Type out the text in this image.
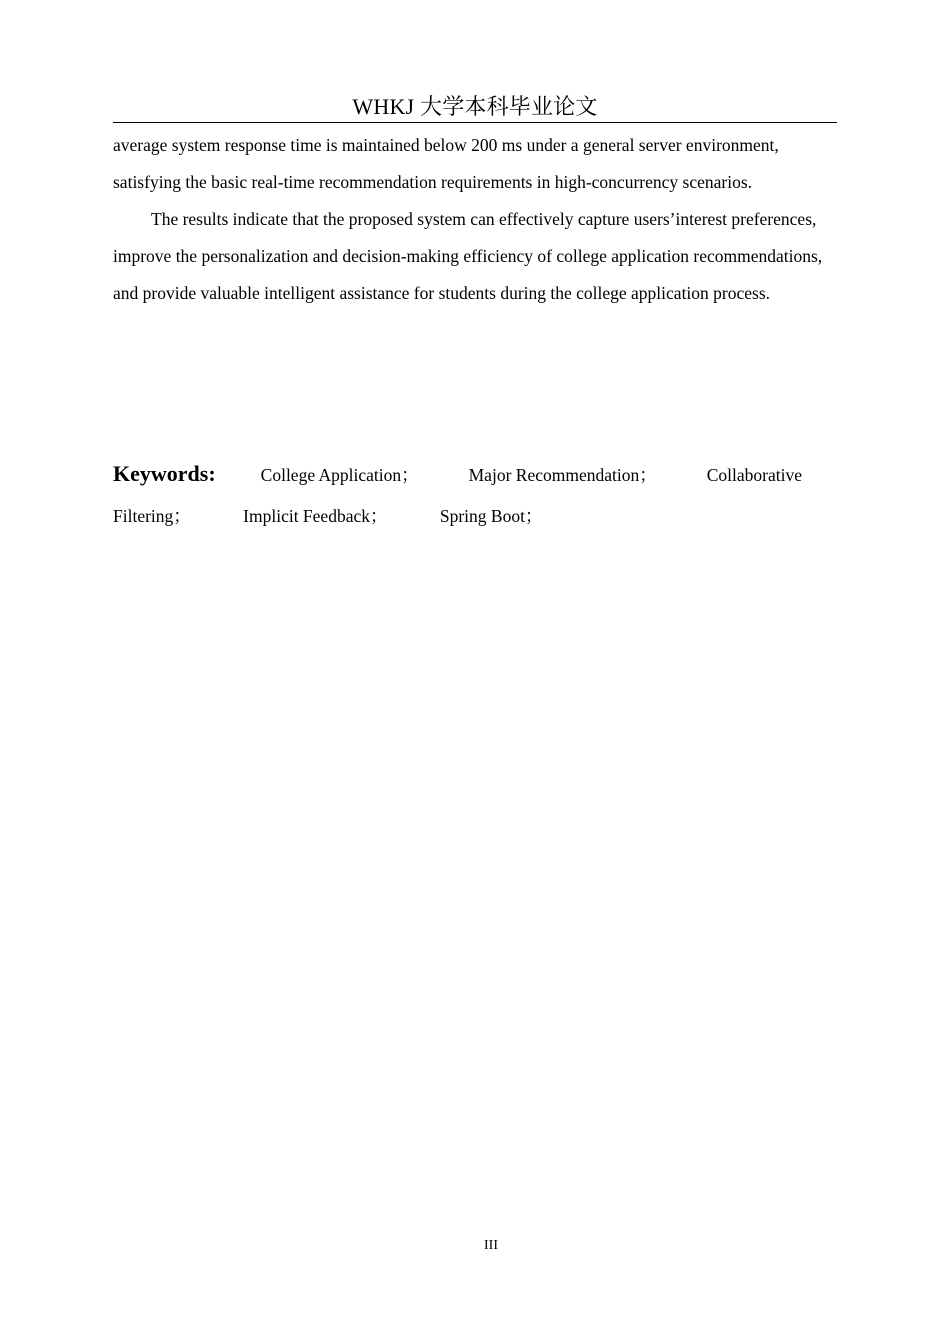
WHKJ 大学本科毕业论文

average system response time is maintained below 200 ms under a general server environment, satisfying the basic real-time recommendation requirements in high-concurrency scenarios.

The results indicate that the proposed system can effectively capture users’interest preferences, improve the personalization and decision-making efficiency of college application recommendations, and provide valuable intelligent assistance for students during the college application process.

Keywords:	College Application；	Major Recommendation；	Collaborative
Filtering；	Implicit Feedback；	Spring Boot；
III
